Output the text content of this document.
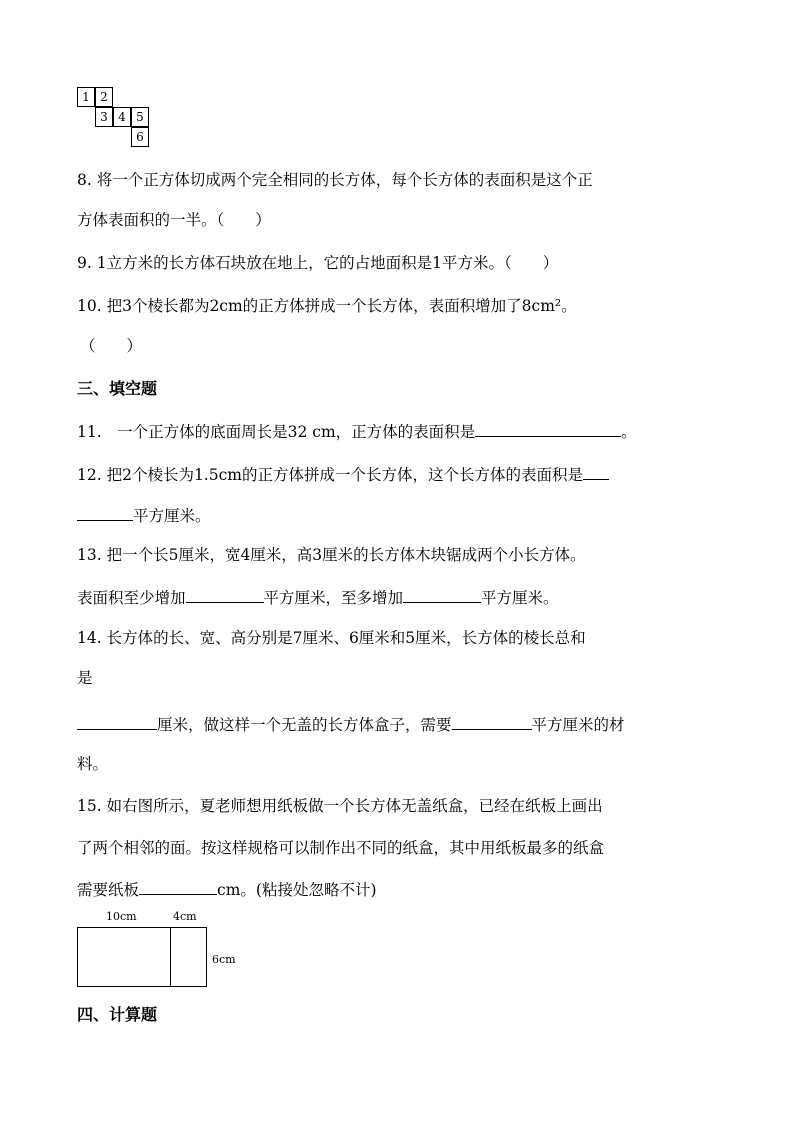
1 2
3 4 5
6
8. 将一个正方体切成两个完全相同的长方体，每个长方体的表面积是这个正
方体表面积的一半。（　　）
9. 1立方米的长方体石块放在地上，它的占地面积是1平方米。（　　）
10. 把3个棱长都为2cm的正方体拼成一个长方体，表面积增加了8cm²。
（　　）
三、填空题
11.　一个正方体的底面周长是32 cm，正方体的表面积是	。
12. 把2个棱长为1.5cm的正方体拼成一个长方体，这个长方体的表面积是
平方厘米。
13. 把一个长5厘米，宽4厘米，高3厘米的长方体木块锯成两个小长方体。
表面积至少增加	平方厘米，至多增加	平方厘米。
14. 长方体的长、宽、高分别是7厘米、6厘米和5厘米，长方体的棱长总和
是
厘米，做这样一个无盖的长方体盒子，需要	平方厘米的材
料。
15. 如右图所示，夏老师想用纸板做一个长方体无盖纸盒，已经在纸板上画出
了两个相邻的面。按这样规格可以制作出不同的纸盒，其中用纸板最多的纸盒
需要纸板	cm。(粘接处忽略不计)
10cm	4cm
6cm
四、计算题
